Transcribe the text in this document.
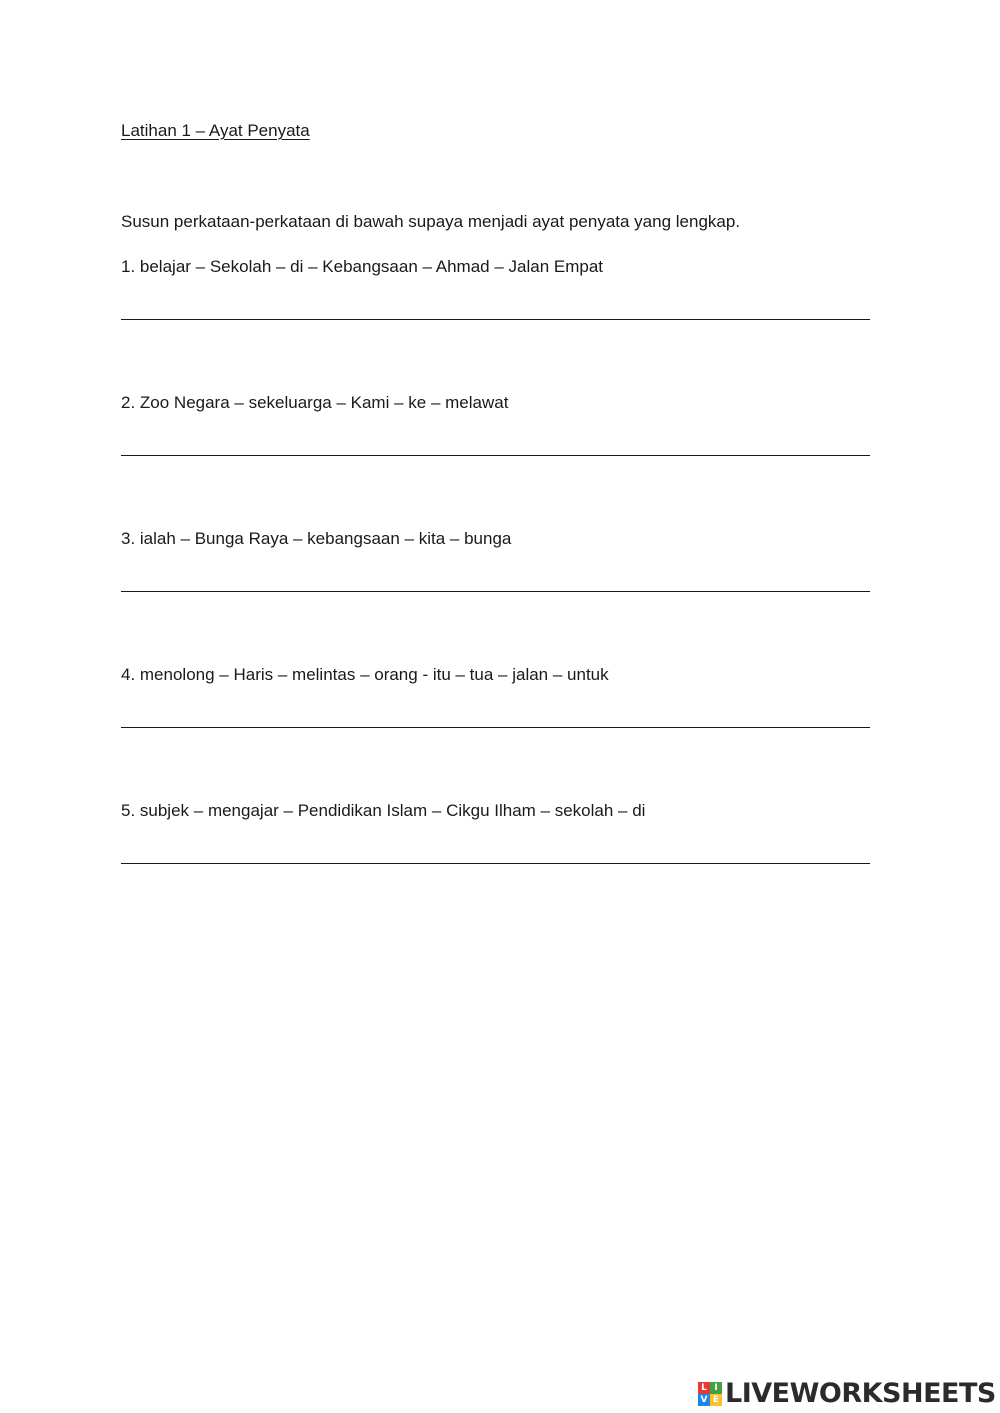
Latihan 1 – Ayat Penyata
Susun perkataan-perkataan di bawah supaya menjadi ayat penyata yang lengkap.
1. belajar – Sekolah – di – Kebangsaan – Ahmad – Jalan Empat
2. Zoo Negara – sekeluarga – Kami – ke – melawat
3. ialah – Bunga Raya – kebangsaan – kita – bunga
4. menolong – Haris – melintas – orang - itu – tua – jalan – untuk
5. subjek – mengajar – Pendidikan Islam – Cikgu Ilham – sekolah – di
L I
V E LIVEWORKSHEETS
